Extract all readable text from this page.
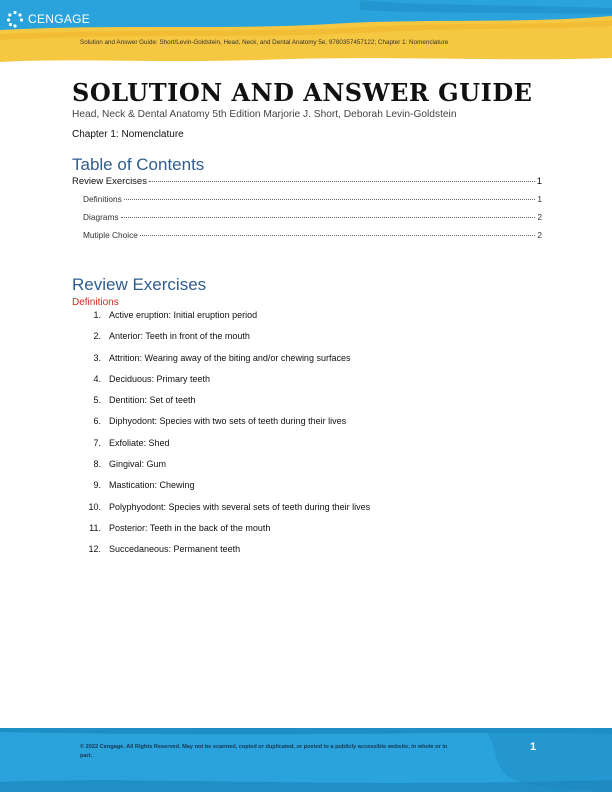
CENGAGE
Solution and Answer Guide: Short/Levin-Goldstein, Head, Neck, and Dental Anatomy 5e, 9780357457122; Chapter 1: Nomenclature
SOLUTION AND ANSWER GUIDE
Head, Neck & Dental Anatomy 5th Edition Marjorie J. Short, Deborah Levin-Goldstein
Chapter 1: Nomenclature
Table of Contents
Review Exercises	1
Definitions	1
Diagrams	2
Mutiple Choice	2
Review Exercises
Definitions
1. Active eruption: Initial eruption period
2. Anterior: Teeth in front of the mouth
3. Attrition: Wearing away of the biting and/or chewing surfaces
4. Deciduous: Primary teeth
5. Dentition: Set of teeth
6. Diphyodont: Species with two sets of teeth during their lives
7. Exfoliate: Shed
8. Gingival: Gum
9. Mastication: Chewing
10. Polyphyodont: Species with several sets of teeth during their lives
11. Posterior: Teeth in the back of the mouth
12. Succedaneous: Permanent teeth
© 2022 Cengage. All Rights Reserved. May not be scanned, copied or duplicated, or posted to a publicly accessible website, in whole or in part.
1
